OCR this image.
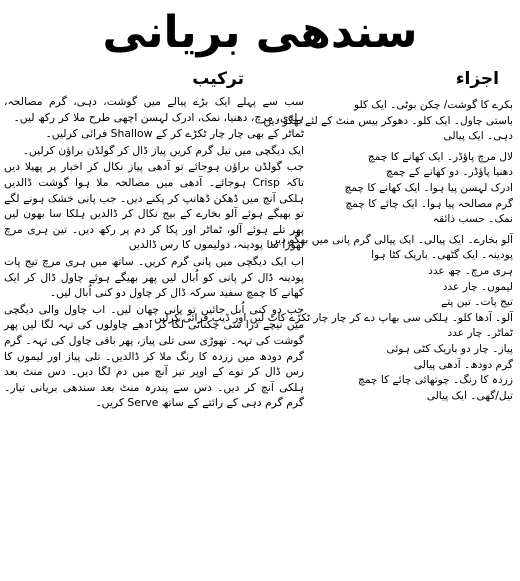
سندھی بریانی
اجزاء
بکرے کا گوشت/ چکن بوٹی۔ ایک کلو
باستی چاول۔ ایک کلو۔ دھوکر بیس منٹ کے لئے بھگو دیں
دہی۔ ایک پیالی
لال مرچ پاؤڈر۔ ایک کھانے کا چمچ
دھنیا پاؤڈر۔ دو کھانے کے چمچ
ادرک لہسن پیا ہوا۔ ایک کھانے کا چمچ
گرم مصالحہ پیا ہوا۔ ایک چائے کا چمچ
نمک۔ حسب ذائقہ
آلو بخارے۔ ایک پیالی۔ ایک پیالی گرم پانی میں بھگو دیں
پودینہ۔ ایک گٹھی۔ باریک کٹا ہوا
ہری مرچ۔ چھ عدد
لیموں۔ چار عدد
تیج پات۔ تین پتے
آلو۔ آدھا کلو۔ ہلکی سی بھاپ دے کر چار چار ٹکڑے کاٹ لیں اور ڈیپ فرائی کرلیں۔
ٹماٹر۔ چار عدد
پیاز۔ چار دو باریک کٹی ہوئی
گرم دودھ۔ آدھی پیالی
زردہ کا رنگ۔ چوتھائی چائے کا چمچ
تیل/گھی۔ ایک پیالی
ترکیب

سب سے پہلے ایک بڑے پیالے میں گوشت، دہی، گرم مصالحہ، ہلدی، مرچ، دھنیا، نمک، ادرک لہسن اچھی طرح ملا کر رکھ لیں۔

ٹماٹر کے بھی چار چار ٹکڑے کر کے Shallow فرائی کرلیں۔

ایک دیگچی میں تیل گرم کریں پیاز ڈال کر گولڈن براؤن کرلیں۔

جب گولڈن براؤن ہوجائے تو آدھی پیاز نکال کر اخبار پر پھیلا دیں تاکہ Crisp ہوجائے۔ آدھی میں مصالحہ ملا ہوا گوشت ڈالدیں ہلکی آنچ میں ڈھکن ڈھانپ کر پکنے دیں۔ جب پانی خشک ہونے لگے تو بھیگے ہوئے آلو بخارے کے بیج نکال کر ڈالدیں ہلکا سا بھون لیں پھر تلے ہوئے آلو، ٹماٹر اور پکا کر دم پر رکھ دیں۔ تین ہری مرچ تھوڑا سا پودینہ، دولیموں کا رس ڈالدیں

اب ایک دیگچی میں پانی گرم کریں۔ ساتھ میں ہری مرچ تیج پات پودینہ ڈال کر پانی کو اُبال لیں پھر بھیگے ہوئے چاول ڈال کر ایک کھانے کا چمچ سفید سرکہ ڈال کر چاول دو کنی اُبال لیں۔

جب دو کنی اُبل جائیں تو پانی چھان لیں۔ اب چاول والی دیگچی میں نیچے ذرا سی چکنائی لگا کر ادھے چاولوں کی تہہ لگا لیں پھر گوشت کی تہہ۔ تھوڑی سی تلی پیاز، پھر باقی چاول کی تہہ۔ گرم گرم دودھ میں زردہ کا رنگ ملا کر ڈالدیں۔ تلی پیاز اور لیموں کا رس ڈال کر توے کے اوپر تیز آنچ میں دم لگا دیں۔ دس منٹ بعد ہلکی آنچ کر دیں۔ دس سے پندرہ منٹ بعد سندھی بریانی تیار۔ گرم گرم دہی کے رائتے کے ساتھ Serve کریں۔
